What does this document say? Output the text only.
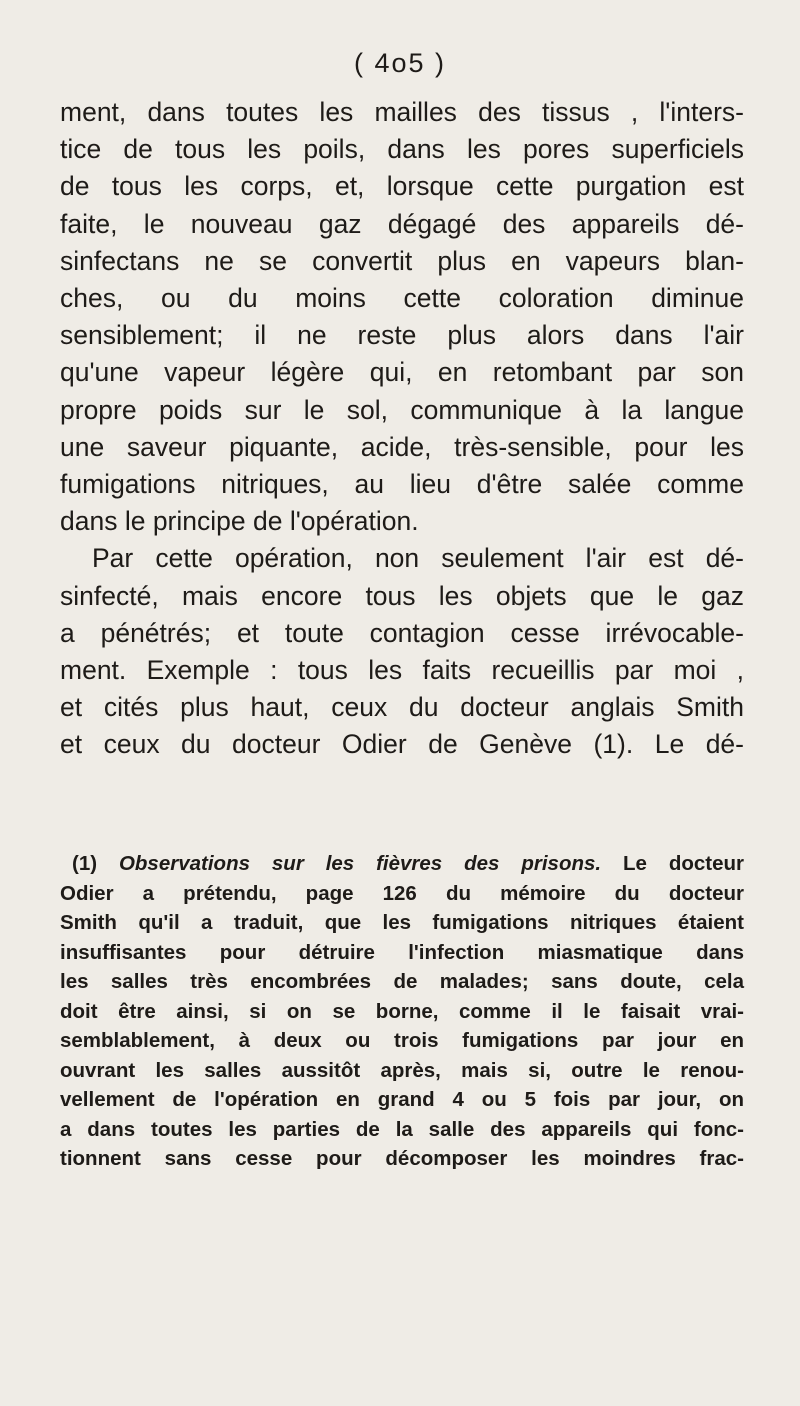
( 4o5 )
ment, dans toutes les mailles des tissus , l'inters-
tice de tous les poils, dans les pores superficiels
de tous les corps, et, lorsque cette purgation est
faite, le nouveau gaz dégagé des appareils dé-
sinfectans ne se convertit plus en vapeurs blan-
ches, ou du moins cette coloration diminue
sensiblement; il ne reste plus alors dans l'air
qu'une vapeur légère qui, en retombant par son
propre poids sur le sol, communique à la langue
une saveur piquante, acide, très-sensible, pour les
fumigations nitriques, au lieu d'être salée comme
dans le principe de l'opération.
Par cette opération, non seulement l'air est dé-
sinfecté, mais encore tous les objets que le gaz
a pénétrés; et toute contagion cesse irrévocable-
ment. Exemple : tous les faits recueillis par moi ,
et cités plus haut, ceux du docteur anglais Smith
et ceux du docteur Odier de Genève (1). Le dé-
(1) Observations sur les fièvres des prisons. Le docteur
Odier a prétendu, page 126 du mémoire du docteur
Smith qu'il a traduit, que les fumigations nitriques étaient
insuffisantes pour détruire l'infection miasmatique dans
les salles très encombrées de malades; sans doute, cela
doit être ainsi, si on se borne, comme il le faisait vrai-
semblablement, à deux ou trois fumigations par jour en
ouvrant les salles aussitôt après, mais si, outre le renou-
vellement de l'opération en grand 4 ou 5 fois par jour, on
a dans toutes les parties de la salle des appareils qui fonc-
tionnent sans cesse pour décomposer les moindres frac-
